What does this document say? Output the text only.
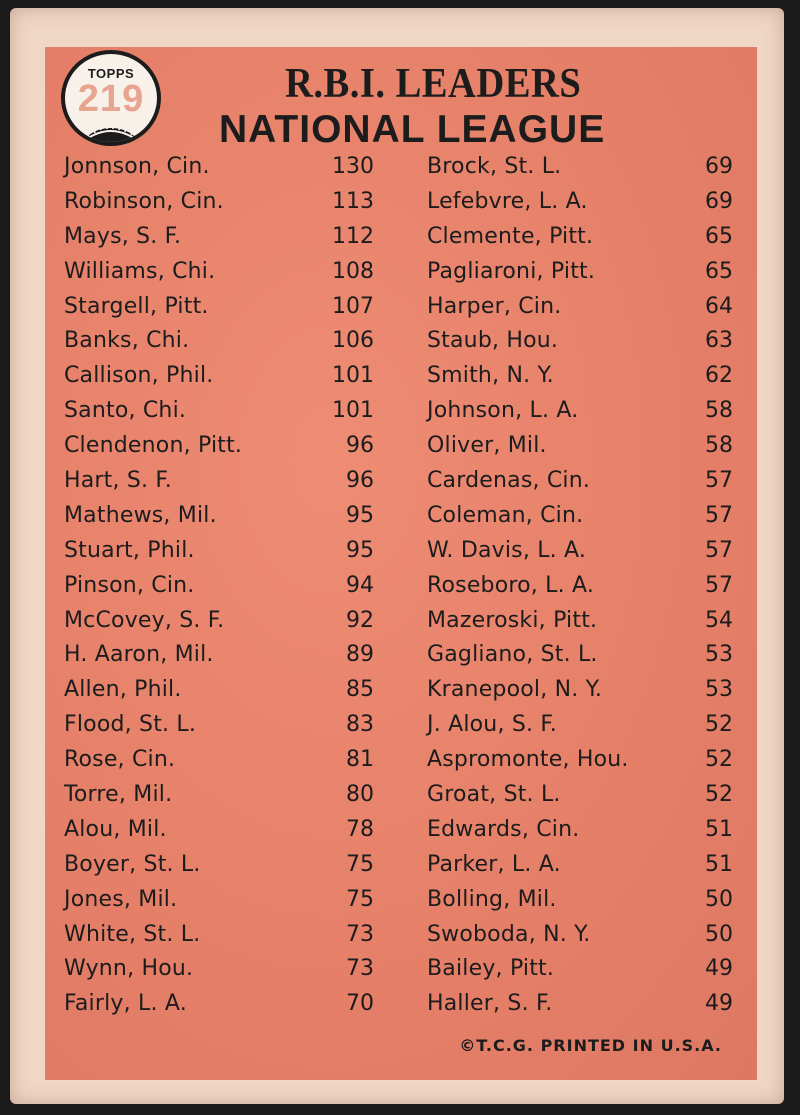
TOPPS
219	R.B.I. LEADERS
NATIONAL LEAGUE
Jonnson, Cin.	130
Robinson, Cin.	113
Mays, S. F.	112
Williams, Chi.	108
Stargell, Pitt.	107
Banks, Chi.	106
Callison, Phil.	101
Santo, Chi.	101
Clendenon, Pitt.	96
Hart, S. F.	96
Mathews, Mil.	95
Stuart, Phil.	95
Pinson, Cin.	94
McCovey, S. F.	92
H. Aaron, Mil.	89
Allen, Phil.	85
Flood, St. L.	83
Rose, Cin.	81
Torre, Mil.	80
Alou, Mil.	78
Boyer, St. L.	75
Jones, Mil.	75
White, St. L.	73
Wynn, Hou.	73
Fairly, L. A.	70
Brock, St. L.	69
Lefebvre, L. A.	69
Clemente, Pitt.	65
Pagliaroni, Pitt.	65
Harper, Cin.	64
Staub, Hou.	63
Smith, N. Y.	62
Johnson, L. A.	58
Oliver, Mil.	58
Cardenas, Cin.	57
Coleman, Cin.	57
W. Davis, L. A.	57
Roseboro, L. A.	57
Mazeroski, Pitt.	54
Gagliano, St. L.	53
Kranepool, N. Y.	53
J. Alou, S. F.	52
Aspromonte, Hou.	52
Groat, St. L.	52
Edwards, Cin.	51
Parker, L. A.	51
Bolling, Mil.	50
Swoboda, N. Y.	50
Bailey, Pitt.	49
Haller, S. F.	49
©T.C.G. PRINTED IN U.S.A.
